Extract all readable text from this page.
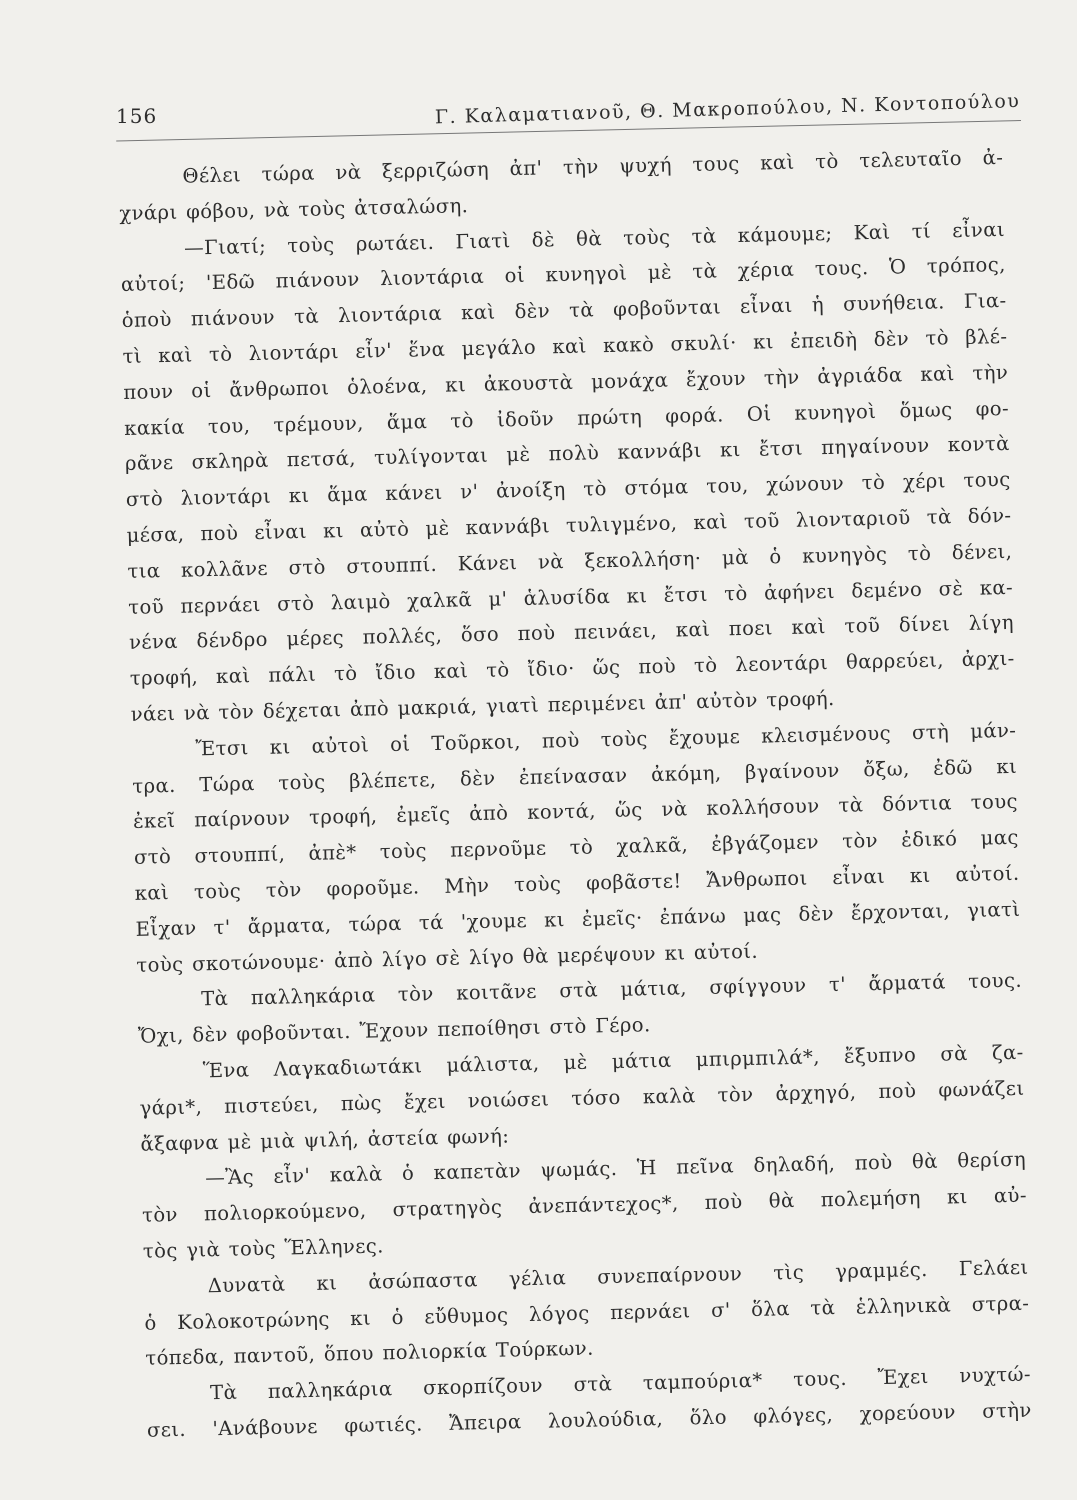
156	Γ. Καλαματιανοῦ, Θ. Μακροπούλου, Ν. Κοντοπούλου
Θέλει τώρα νὰ ξερριζώση ἀπ' τὴν ψυχή τους καὶ τὸ τελευταῖο ἀ-
χνάρι φόβου, νὰ τοὺς ἀτσαλώση.
—Γιατί; τοὺς ρωτάει. Γιατὶ δὲ θὰ τοὺς τὰ κάμουμε; Καὶ τί εἶναι
αὐτοί; 'Εδῶ πιάνουν λιοντάρια οἱ κυνηγοὶ μὲ τὰ χέρια τους. Ὁ τρόπος,
ὁποὺ πιάνουν τὰ λιοντάρια καὶ δὲν τὰ φοβοῦνται εἶναι ἡ συνήθεια. Για-
τὶ καὶ τὸ λιοντάρι εἶν' ἕνα μεγάλο καὶ κακὸ σκυλί· κι ἐπειδὴ δὲν τὸ βλέ-
πουν οἱ ἄνθρωποι ὁλοένα, κι ἀκουστὰ μονάχα ἔχουν τὴν ἀγριάδα καὶ τὴν
κακία του, τρέμουν, ἅμα τὸ ἰδοῦν πρώτη φορά. Οἱ κυνηγοὶ ὅμως φο-
ρᾶνε σκληρὰ πετσά, τυλίγονται μὲ πολὺ καννάβι κι ἔτσι πηγαίνουν κοντὰ
στὸ λιοντάρι κι ἅμα κάνει ν' ἀνοίξη τὸ στόμα του, χώνουν τὸ χέρι τους
μέσα, ποὺ εἶναι κι αὐτὸ μὲ καννάβι τυλιγμένο, καὶ τοῦ λιονταριοῦ τὰ δόν-
τια κολλᾶνε στὸ στουππί. Κάνει νὰ ξεκολλήση· μὰ ὁ κυνηγὸς τὸ δένει,
τοῦ περνάει στὸ λαιμὸ χαλκᾶ μ' ἁλυσίδα κι ἔτσι τὸ ἀφήνει δεμένο σὲ κα-
νένα δένδρο μέρες πολλές, ὅσο ποὺ πεινάει, καὶ ποει καὶ τοῦ δίνει λίγη
τροφή, καὶ πάλι τὸ ἴδιο καὶ τὸ ἴδιο· ὥς ποὺ τὸ λεοντάρι θαρρεύει, ἀρχι-
νάει νὰ τὸν δέχεται ἀπὸ μακριά, γιατὶ περιμένει ἀπ' αὐτὸν τροφή.
Ἔτσι κι αὐτοὶ οἱ Τοῦρκοι, ποὺ τοὺς ἔχουμε κλεισμένους στὴ μάν-
τρα. Τώρα τοὺς βλέπετε, δὲν ἐπείνασαν ἀκόμη, βγαίνουν ὄξω, ἐδῶ κι
ἐκεῖ παίρνουν τροφή, ἐμεῖς ἀπὸ κοντά, ὥς νὰ κολλήσουν τὰ δόντια τους
στὸ στουππί, ἀπὲ* τοὺς περνοῦμε τὸ χαλκᾶ, ἐβγάζομεν τὸν ἐδικό μας
καὶ τοὺς τὸν φοροῦμε. Μὴν τοὺς φοβᾶστε! Ἄνθρωποι εἶναι κι αὐτοί.
Εἶχαν τ' ἄρματα, τώρα τά 'χουμε κι ἐμεῖς· ἐπάνω μας δὲν ἔρχονται, γιατὶ
τοὺς σκοτώνουμε· ἀπὸ λίγο σὲ λίγο θὰ μερέψουν κι αὐτοί.
Τὰ παλληκάρια τὸν κοιτᾶνε στὰ μάτια, σφίγγουν τ' ἄρματά τους.
Ὄχι, δὲν φοβοῦνται. Ἔχουν πεποίθησι στὸ Γέρο.
Ἕνα Λαγκαδιωτάκι μάλιστα, μὲ μάτια μπιρμπιλά*, ἔξυπνο σὰ ζα-
γάρι*, πιστεύει, πὼς ἔχει νοιώσει τόσο καλὰ τὸν ἀρχηγό, ποὺ φωνάζει
ἄξαφνα μὲ μιὰ ψιλή, ἀστεία φωνή:
—Ἂς εἶν' καλὰ ὁ καπετὰν ψωμάς. Ἡ πεῖνα δηλαδή, ποὺ θὰ θερίση
τὸν πολιορκούμενο, στρατηγὸς ἀνεπάντεχος*, ποὺ θὰ πολεμήση κι αὐ-
τὸς γιὰ τοὺς Ἕλληνες.
Δυνατὰ κι ἀσώπαστα γέλια συνεπαίρνουν τὶς γραμμές. Γελάει
ὁ Κολοκοτρώνης κι ὁ εὔθυμος λόγος περνάει σ' ὅλα τὰ ἑλληνικὰ στρα-
τόπεδα, παντοῦ, ὅπου πολιορκία Τούρκων.
Τὰ παλληκάρια σκορπίζουν στὰ ταμπούρια* τους. Ἔχει νυχτώ-
σει. 'Ανάβουνε φωτιές. Ἄπειρα λουλούδια, ὅλο φλόγες, χορεύουν στὴν
